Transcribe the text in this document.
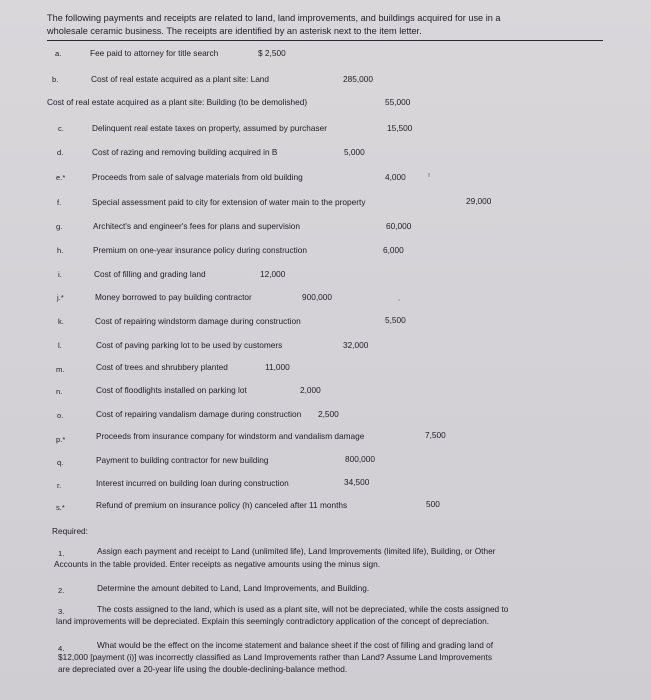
The following payments and receipts are related to land, land improvements, and buildings acquired for use in a
wholesale ceramic business. The receipts are identified by an asterisk next to the item letter.
a.	Fee paid to attorney for title search	$ 2,500
b.	Cost of real estate acquired as a plant site: Land	285,000
Cost of real estate acquired as a plant site: Building (to be demolished)	55,000
c.	Delinquent real estate taxes on property, assumed by purchaser	15,500
d.	Cost of razing and removing building acquired in B	5,000
e.*	Proceeds from sale of salvage materials from old building	4,000	ı
f.	Special assessment paid to city for extension of water main to the property	29,000
g.	Architect's and engineer's fees for plans and supervision	60,000
h.	Premium on one-year insurance policy during construction	6,000
i.	Cost of filling and grading land	12,000
j.*	Money borrowed to pay building contractor	900,000	,
k.	Cost of repairing windstorm damage during construction	5,500
l.	Cost of paving parking lot to be used by customers	32,000
m.	Cost of trees and shrubbery planted	11,000
n.	Cost of floodlights installed on parking lot	2,000
o.	Cost of repairing vandalism damage during construction 2,500
p.*	Proceeds from insurance company for windstorm and vandalism damage	7,500
q.	Payment to building contractor for new building	800,000
r.	Interest incurred on building loan during construction	34,500
s.*	Refund of premium on insurance policy (h) canceled after 11 months	500
Required:
1.	Assign each payment and receipt to Land (unlimited life), Land Improvements (limited life), Building, or Other
Accounts in the table provided. Enter receipts as negative amounts using the minus sign.
2.	Determine the amount debited to Land, Land Improvements, and Building.
3.	The costs assigned to the land, which is used as a plant site, will not be depreciated, while the costs assigned to
land improvements will be depreciated. Explain this seemingly contradictory application of the concept of depreciation.
4.	What would be the effect on the income statement and balance sheet if the cost of filling and grading land of
$12,000 [payment (i)] was incorrectly classified as Land Improvements rather than Land? Assume Land Improvements
are depreciated over a 20-year life using the double-declining-balance method.
